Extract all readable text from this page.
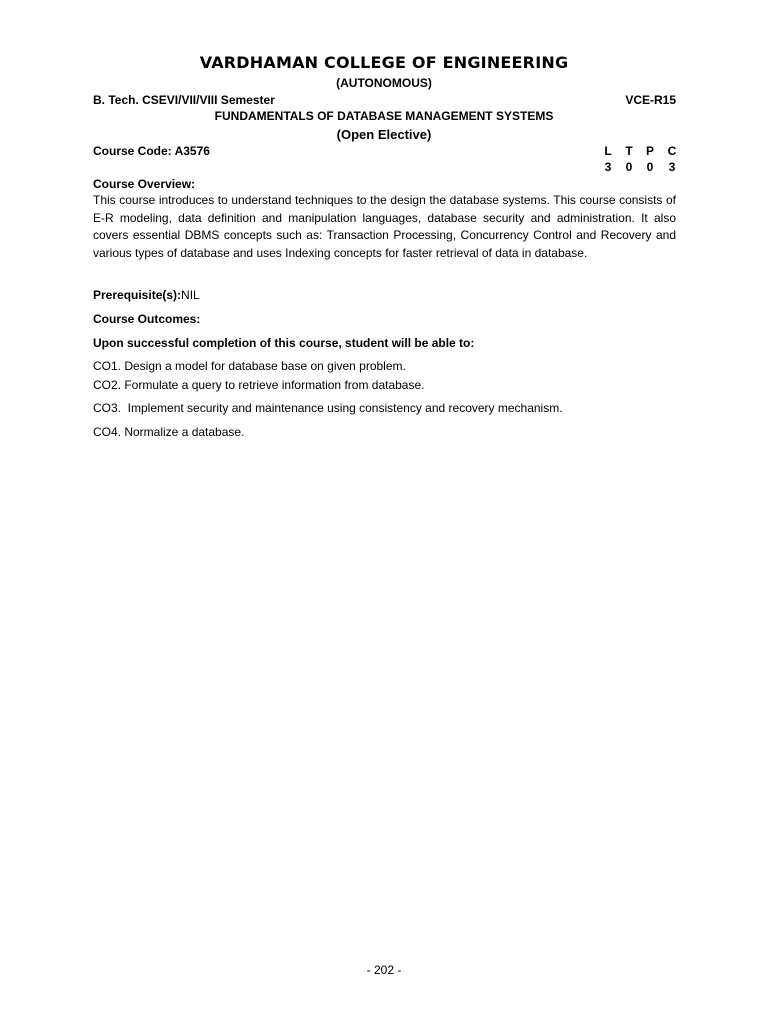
VARDHAMAN COLLEGE OF ENGINEERING
(AUTONOMOUS)
B. Tech. CSEVI/VII/VIII Semester	VCE-R15
FUNDAMENTALS OF DATABASE MANAGEMENT SYSTEMS
(Open Elective)
Course Code: A3576	L T P C
3 0 0 3
Course Overview:
This course introduces to understand techniques to the design the database systems. This course consists of E-R modeling, data definition and manipulation languages, database security and administration. It also covers essential DBMS concepts such as: Transaction Processing, Concurrency Control and Recovery and various types of database and uses Indexing concepts for faster retrieval of data in database.
Prerequisite(s):NIL
Course Outcomes:
Upon successful completion of this course, student will be able to:
CO1. Design a model for database base on given problem.
CO2. Formulate a query to retrieve information from database.
CO3.  Implement security and maintenance using consistency and recovery mechanism.
CO4. Normalize a database.
- 202 -
